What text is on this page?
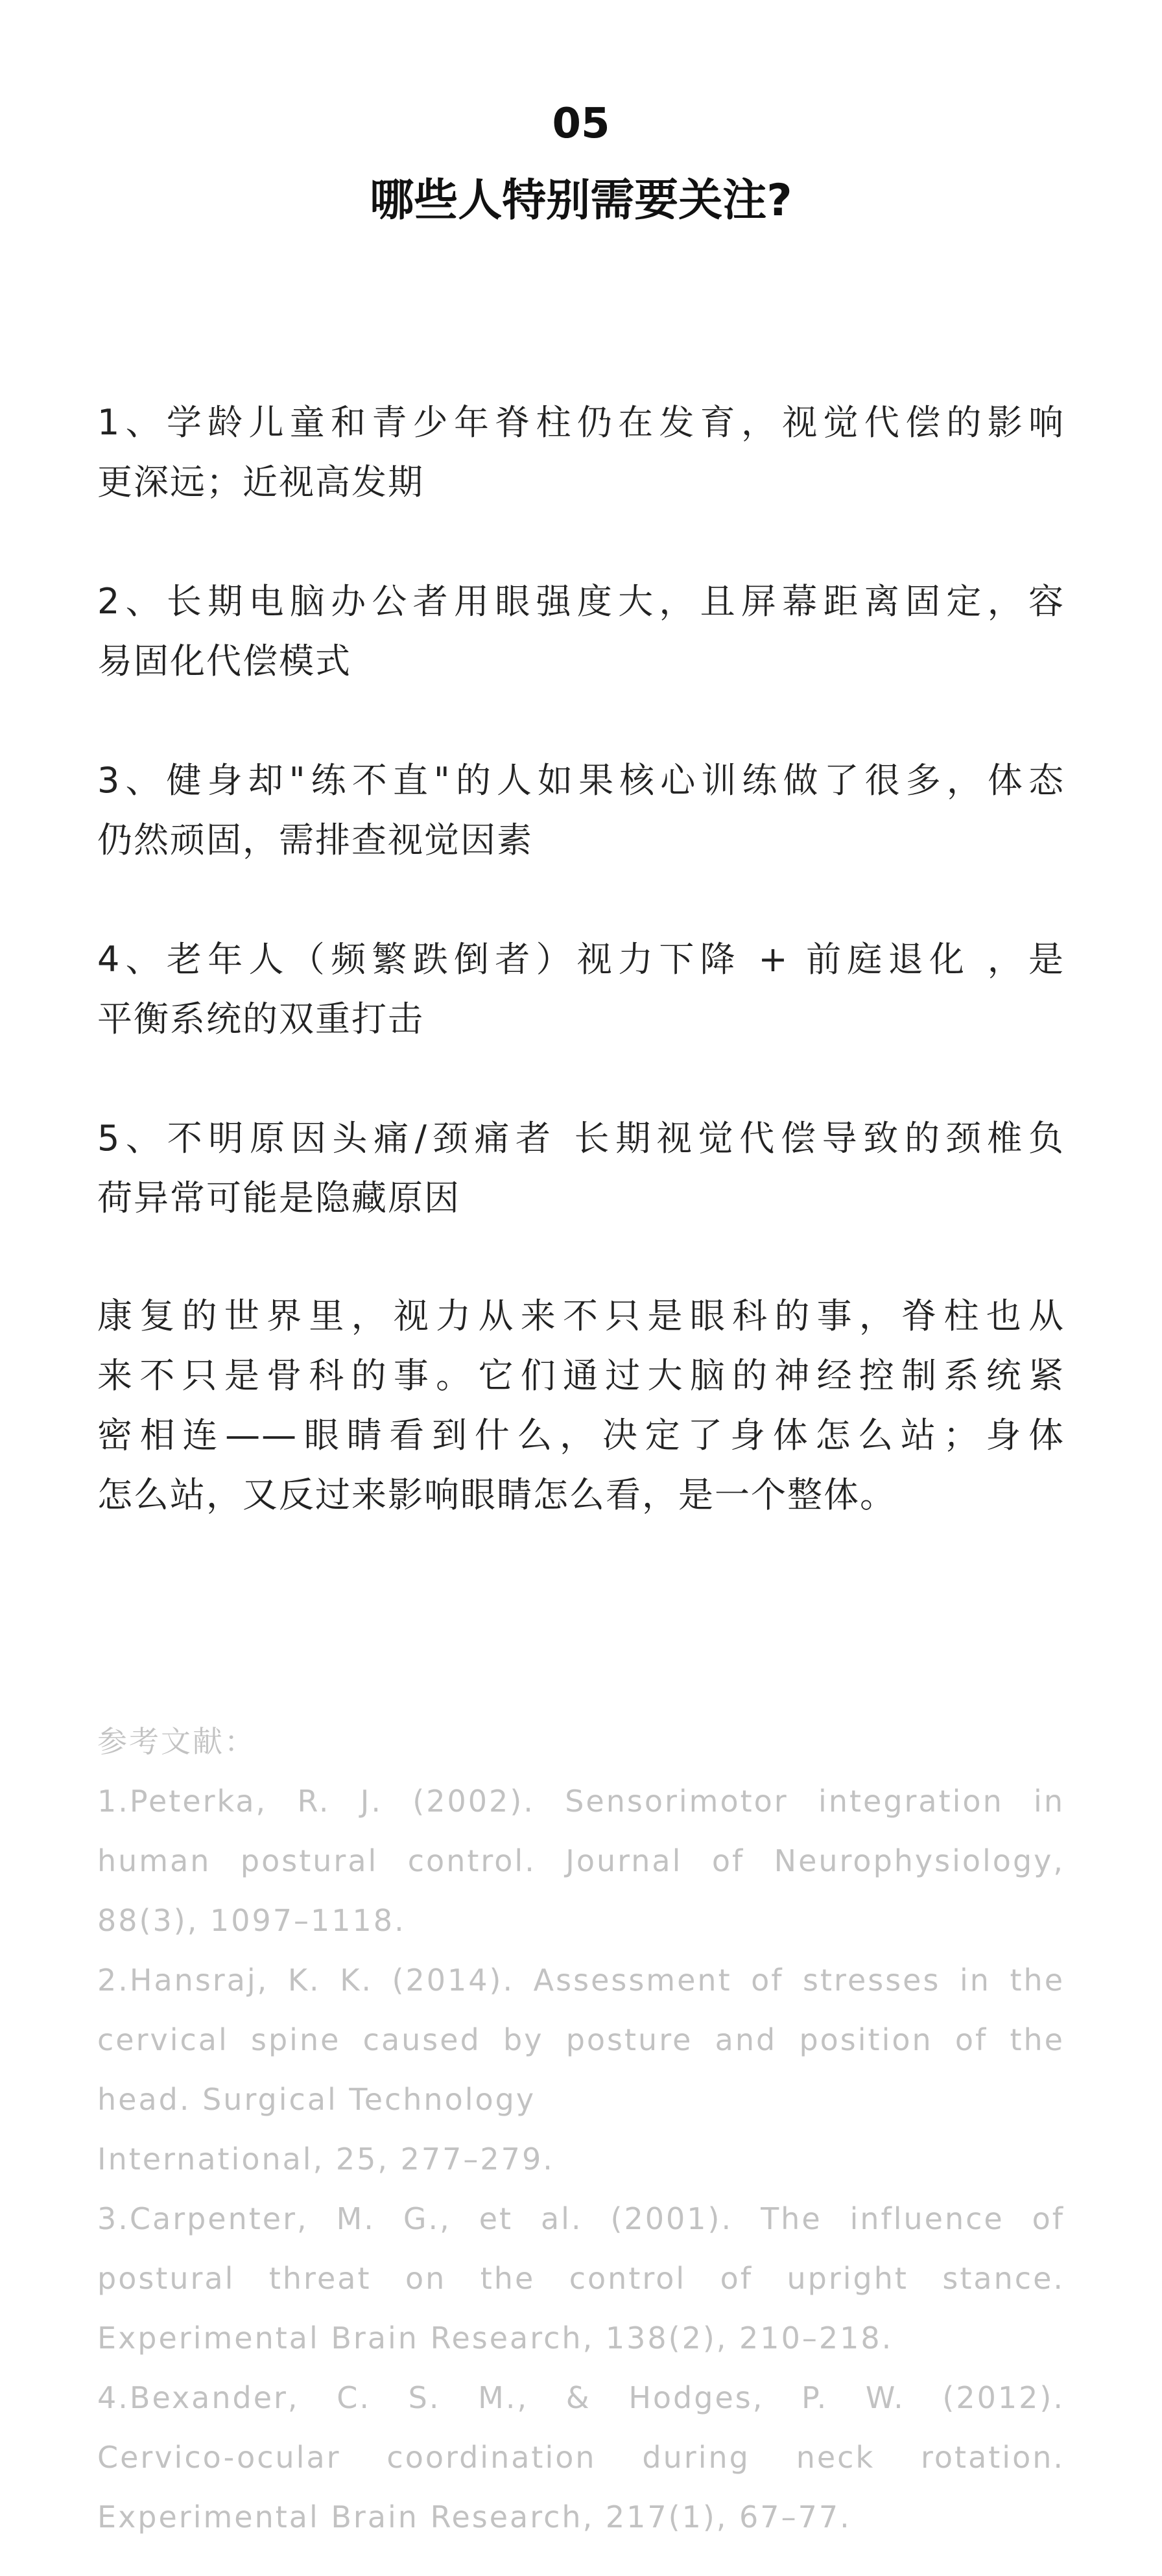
05
哪些人特别需要关注?
1、学龄儿童和青少年脊柱仍在发育，视觉代偿的影响
更深远；近视高发期
2、长期电脑办公者用眼强度大，且屏幕距离固定，容
易固化代偿模式
3、健身却"练不直"的人如果核心训练做了很多，体态
仍然顽固，需排查视觉因素
4、老年人（频繁跌倒者）视力下降 + 前庭退化 ，是
平衡系统的双重打击
5、不明原因头痛/颈痛者 长期视觉代偿导致的颈椎负
荷异常可能是隐藏原因
康复的世界里，视力从来不只是眼科的事，脊柱也从
来不只是骨科的事。它们通过大脑的神经控制系统紧
密相连——眼睛看到什么，决定了身体怎么站；身体
怎么站，又反过来影响眼睛怎么看，是一个整体。
参考文献：
1.Peterka, R. J. (2002). Sensorimotor integration in
human postural control. Journal of Neurophysiology,
88(3), 1097–1118.
2.Hansraj, K. K. (2014). Assessment of stresses in the
cervical spine caused by posture and position of the
head. Surgical Technology
International, 25, 277–279.
3.Carpenter, M. G., et al. (2001). The influence of
postural threat on the control of upright stance.
Experimental Brain Research, 138(2), 210–218.
4.Bexander, C. S. M., & Hodges, P. W. (2012).
Cervico-ocular coordination during neck rotation.
Experimental Brain Research, 217(1), 67–77.
